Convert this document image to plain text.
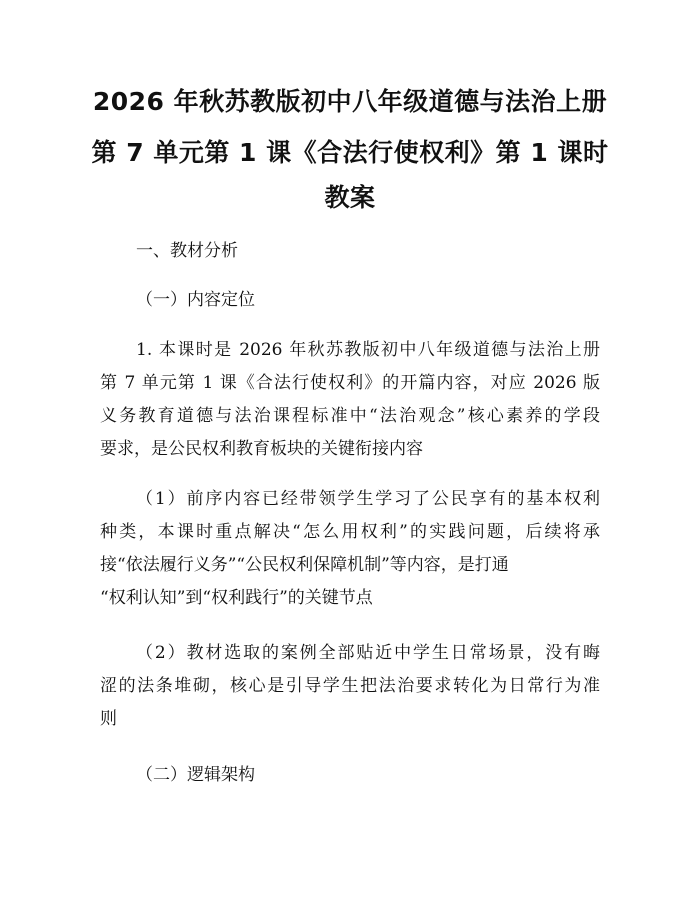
2026 年秋苏教版初中八年级道德与法治上册
第 7 单元第 1 课《合法行使权利》第 1 课时
教案
一、教材分析
（一）内容定位
1. 本课时是 2026 年秋苏教版初中八年级道德与法治上册
第 7 单元第 1 课《合法行使权利》的开篇内容，对应 2026 版
义务教育道德与法治课程标准中“法治观念”核心素养的学段
要求，是公民权利教育板块的关键衔接内容
（1）前序内容已经带领学生学习了公民享有的基本权利
种类，本课时重点解决“怎么用权利”的实践问题，后续将承
接“依法履行义务”“公民权利保障机制”等内容，是打通
“权利认知”到“权利践行”的关键节点
（2）教材选取的案例全部贴近中学生日常场景，没有晦
涩的法条堆砌，核心是引导学生把法治要求转化为日常行为准
则
（二）逻辑架构
